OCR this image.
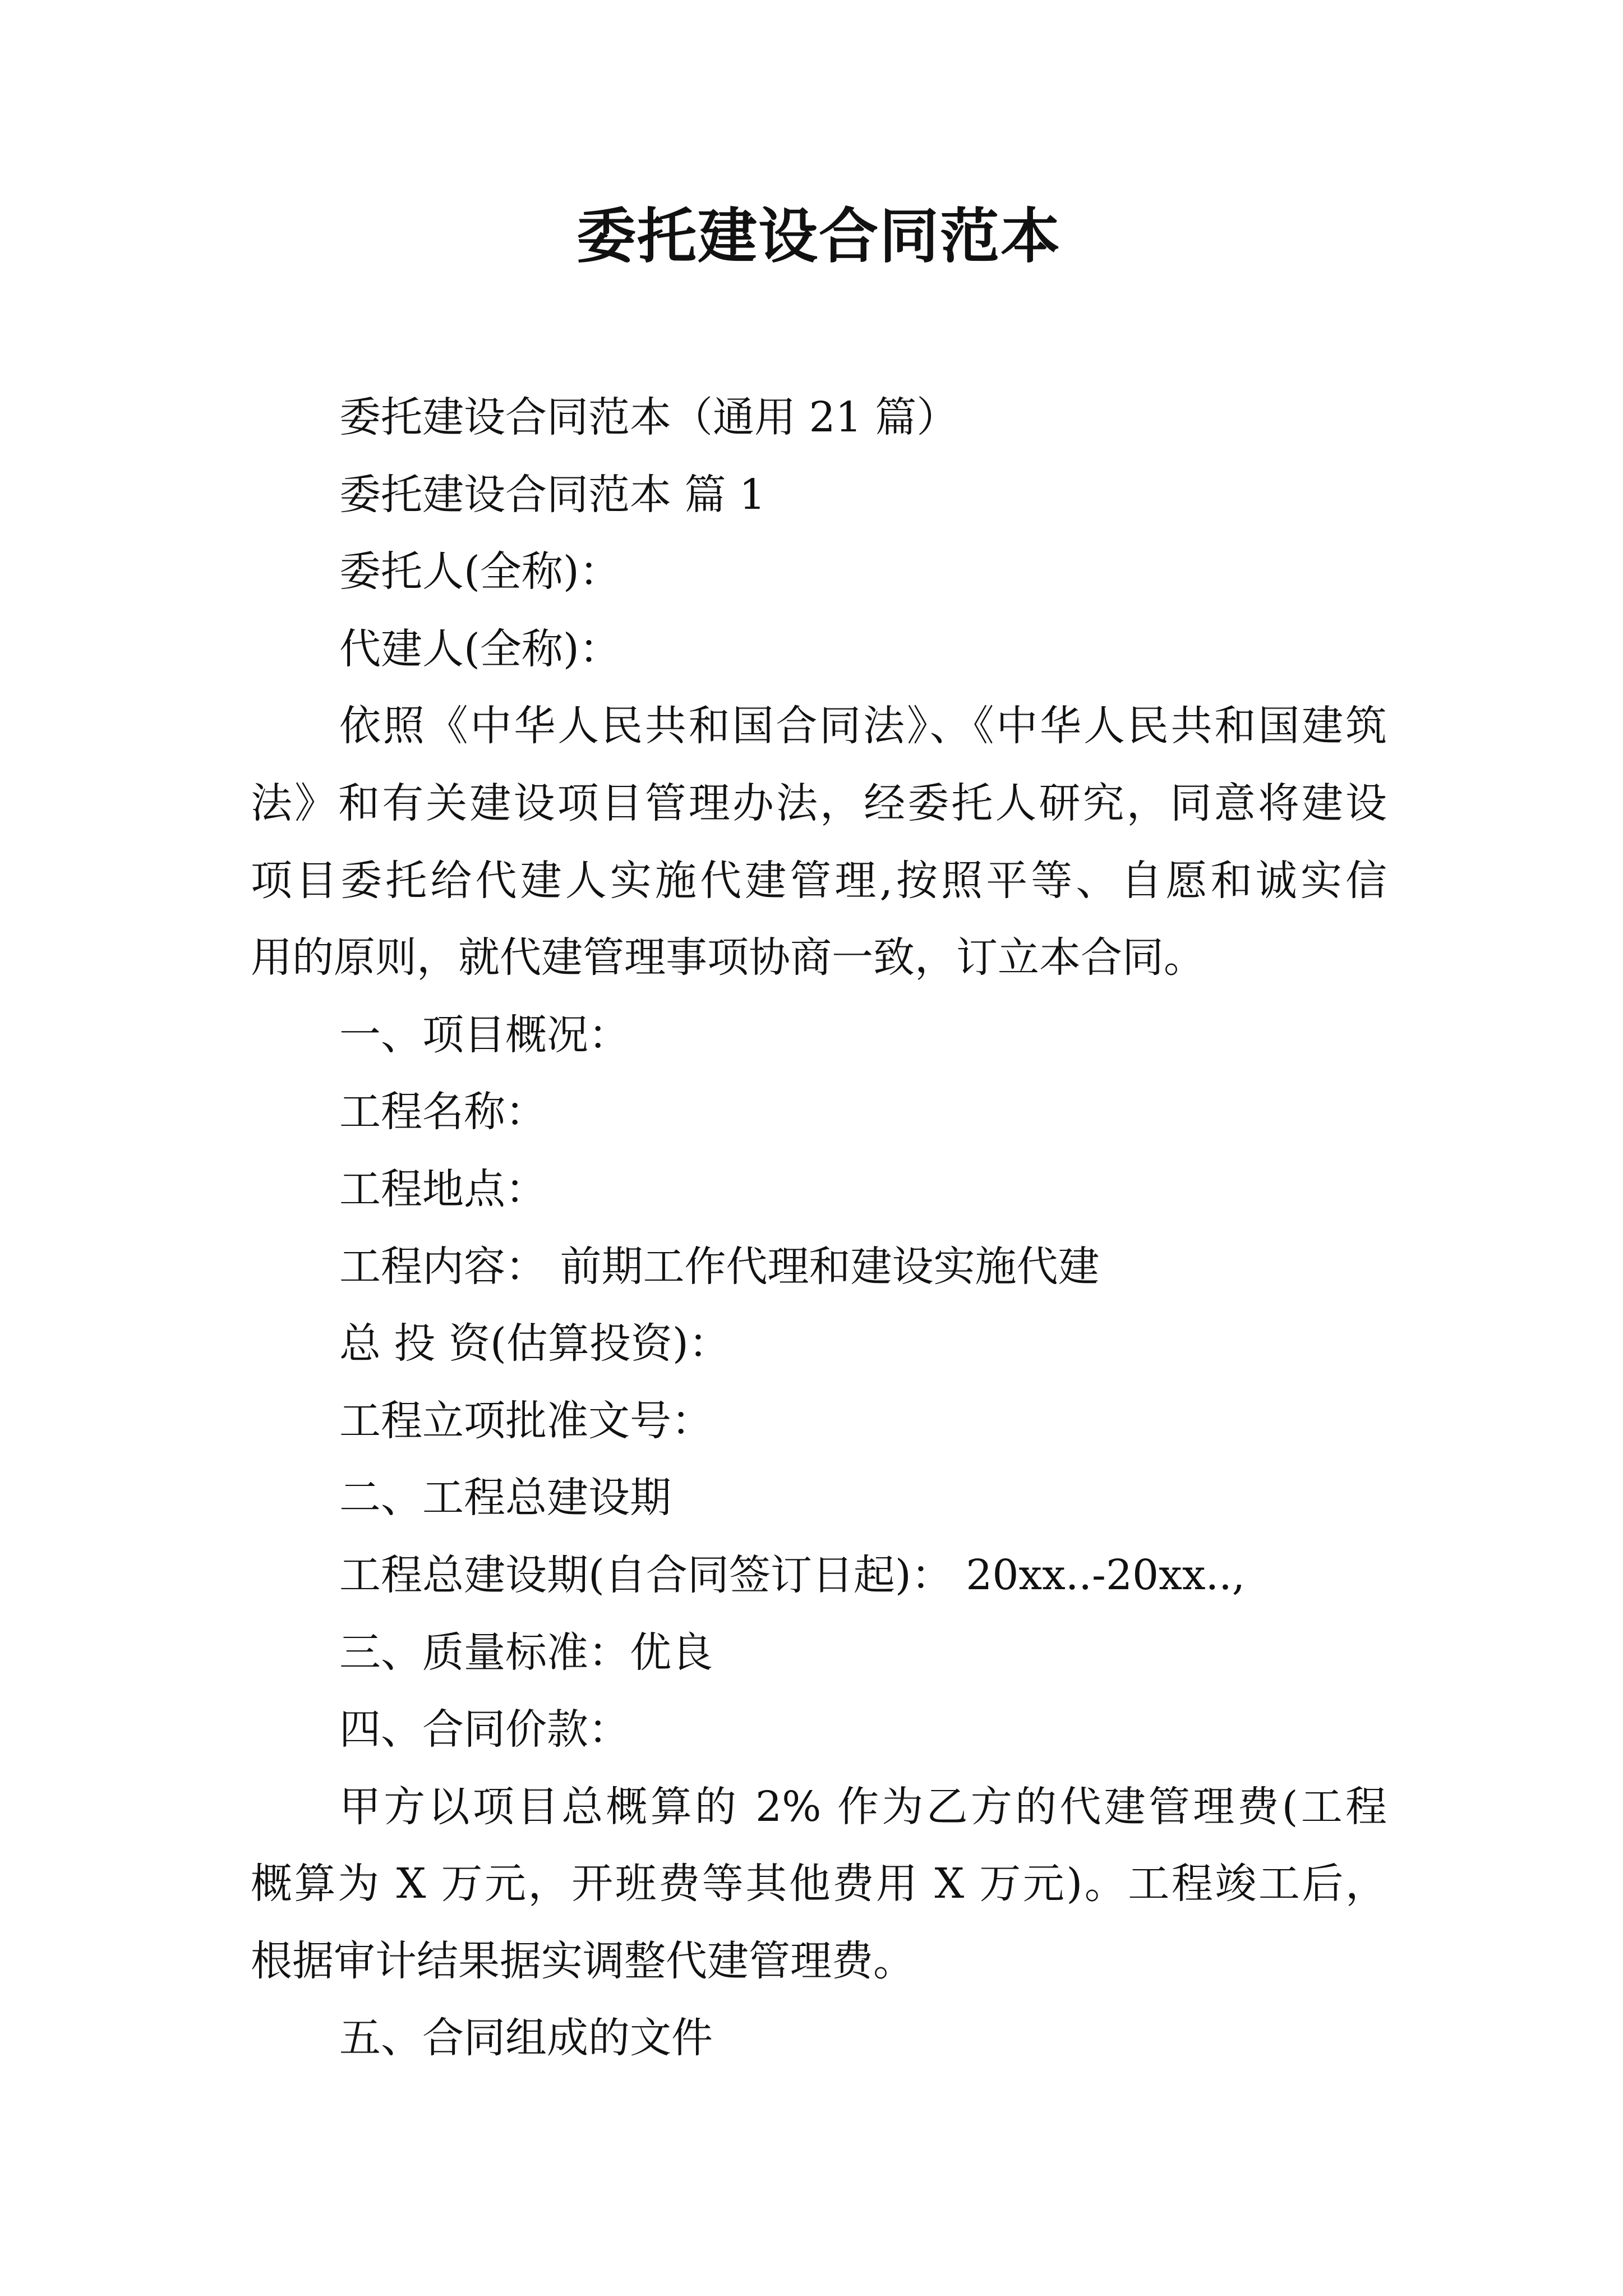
委托建设合同范本
委托建设合同范本（通用 21 篇）
委托建设合同范本 篇 1
委托人(全称)：
代建人(全称)：
依照《中华人民共和国合同法》、《中华人民共和国建筑
法》和有关建设项目管理办法，经委托人研究，同意将建设
项目委托给代建人实施代建管理,按照平等、自愿和诚实信
用的原则，就代建管理事项协商一致，订立本合同。
一、项目概况：
工程名称：
工程地点：
工程内容： 前期工作代理和建设实施代建
总 投 资(估算投资)：
工程立项批准文号：
二、工程总建设期
工程总建设期(自合同签订日起)： 20xx..-20xx..,
三、质量标准：优良
四、合同价款：
甲方以项目总概算的 2% 作为乙方的代建管理费(工程
概算为 X 万元，开班费等其他费用 X 万元)。工程竣工后，
根据审计结果据实调整代建管理费。
五、合同组成的文件
